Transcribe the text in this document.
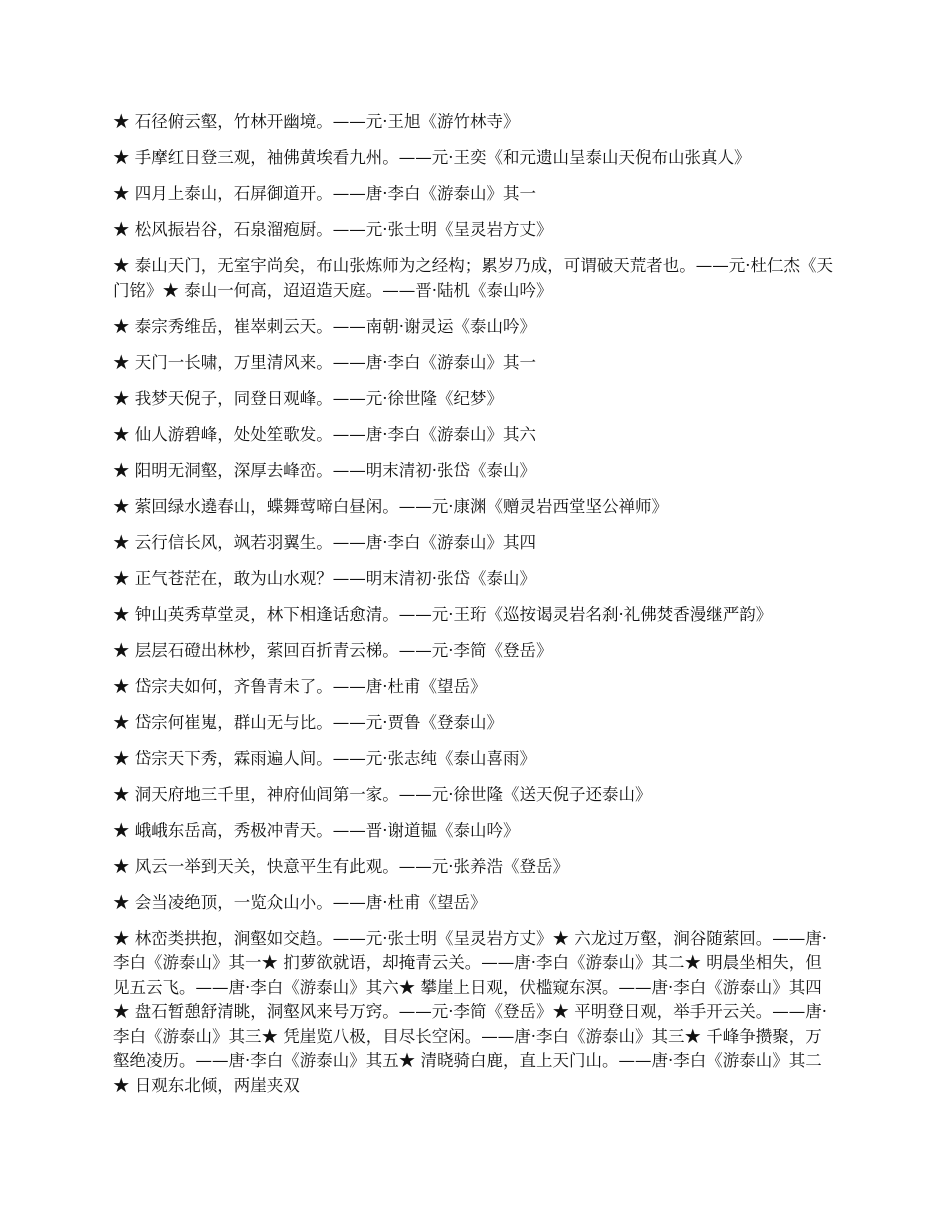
★ 石径俯云壑，竹林开幽境。——元·王旭《游竹林寺》

★ 手摩红日登三观，袖佛黄埃看九州。——元·王奕《和元遗山呈泰山天倪布山张真人》

★ 四月上泰山，石屏御道开。——唐·李白《游泰山》其一

★ 松风振岩谷，石泉溜疱厨。——元·张士明《呈灵岩方丈》

★ 泰山天门，无室宇尚矣，布山张炼师为之经构；累岁乃成，可谓破天荒者也。——元·杜仁杰《天门铭》★ 泰山一何高，迢迢造天庭。——晋·陆机《泰山吟》

★ 泰宗秀维岳，崔崒刺云天。——南朝·谢灵运《泰山吟》

★ 天门一长啸，万里清风来。——唐·李白《游泰山》其一

★ 我梦天倪子，同登日观峰。——元·徐世隆《纪梦》

★ 仙人游碧峰，处处笙歌发。——唐·李白《游泰山》其六

★ 阳明无洞壑，深厚去峰峦。——明末清初·张岱《泰山》

★ 萦回绿水遶春山，蝶舞莺啼白昼闲。——元·康渊《赠灵岩西堂坚公禅师》

★ 云行信长风，飒若羽翼生。——唐·李白《游泰山》其四

★ 正气苍茫在，敢为山水观？——明末清初·张岱《泰山》

★ 钟山英秀草堂灵，林下相逢话愈清。——元·王珩《巡按谒灵岩名刹·礼佛焚香漫继严韵》

★ 层层石磴出林杪，萦回百折青云梯。——元·李简《登岳》

★ 岱宗夫如何，齐鲁青未了。——唐·杜甫《望岳》

★ 岱宗何崔嵬，群山无与比。——元·贾鲁《登泰山》

★ 岱宗天下秀，霖雨遍人间。——元·张志纯《泰山喜雨》

★ 洞天府地三千里，神府仙闾第一家。——元·徐世隆《送天倪子还泰山》

★ 峨峨东岳高，秀极冲青天。——晋·谢道韫《泰山吟》

★ 风云一举到天关，快意平生有此观。——元·张养浩《登岳》

★ 会当凌绝顶，一览众山小。——唐·杜甫《望岳》

★ 林峦类拱抱，涧壑如交趋。——元·张士明《呈灵岩方丈》★ 六龙过万壑，涧谷随萦回。——唐·李白《游泰山》其一★ 扪萝欲就语，却掩青云关。——唐·李白《游泰山》其二★ 明晨坐相失，但见五云飞。——唐·李白《游泰山》其六★ 攀崖上日观，伏槛窥东溟。——唐·李白《游泰山》其四★ 盘石暂憩舒清眺，洞壑风来号万窍。——元·李简《登岳》★ 平明登日观，举手开云关。——唐·李白《游泰山》其三★ 凭崖览八极，目尽长空闲。——唐·李白《游泰山》其三★ 千峰争攒聚，万壑绝凌历。——唐·李白《游泰山》其五★ 清晓骑白鹿，直上天门山。——唐·李白《游泰山》其二★ 日观东北倾，两崖夹双
